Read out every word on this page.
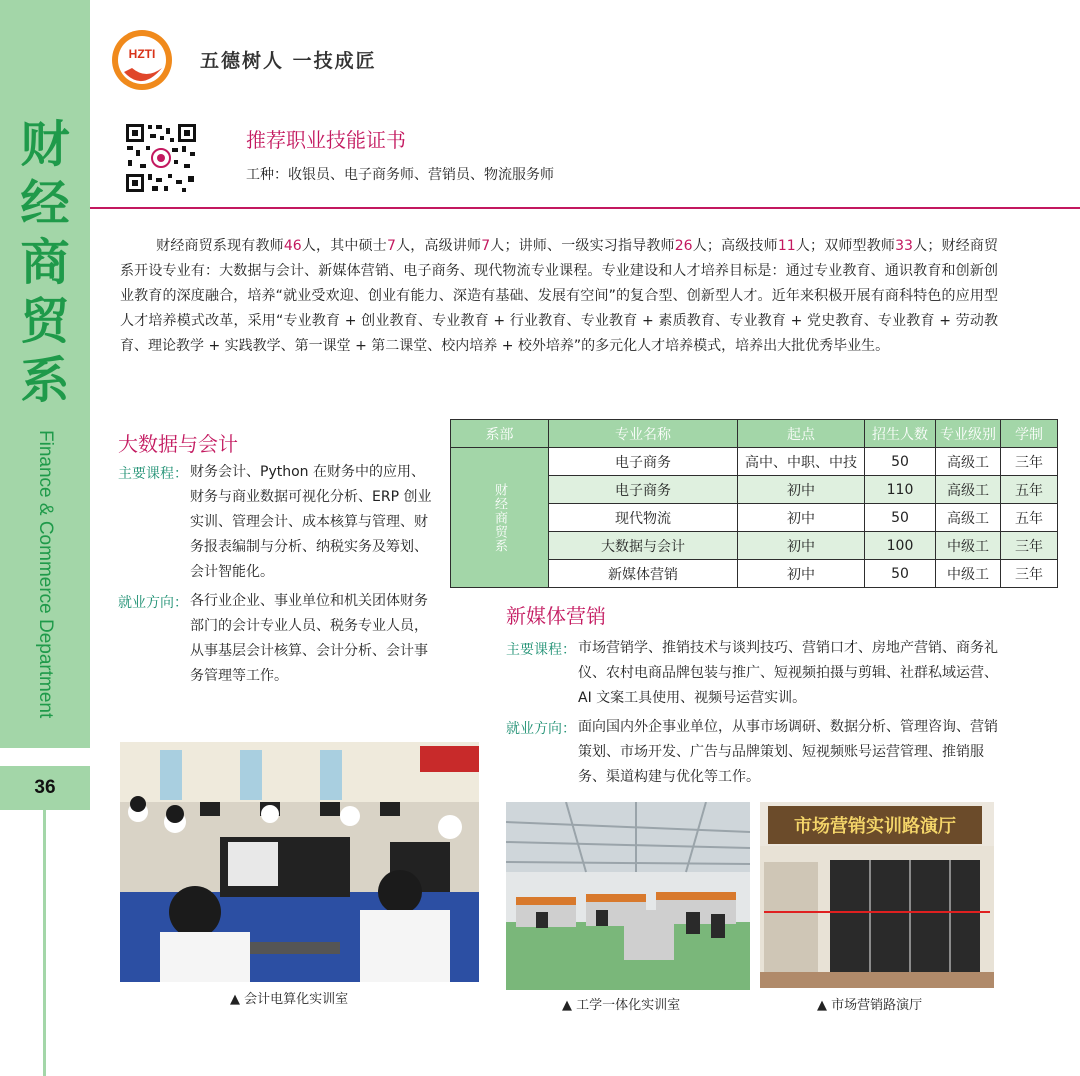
财经商贸系
Finance & Commerce Department
36
HZTI 五德树人 一技成匠
推荐职业技能证书
工种：收银员、电子商务师、营销员、物流服务师
财经商贸系现有教师46人，其中硕士7人，高级讲师7人；讲师、一级实习指导教师26人；高级技师11人；双师型教师33人；财经商贸系开设专业有：大数据与会计、新媒体营销、电子商务、现代物流专业课程。专业建设和人才培养目标是：通过专业教育、通识教育和创新创业教育的深度融合，培养“就业受欢迎、创业有能力、深造有基础、发展有空间”的复合型、创新型人才。近年来积极开展有商科特色的应用型人才培养模式改革，采用“专业教育 + 创业教育、专业教育 + 行业教育、专业教育 + 素质教育、专业教育 + 党史教育、专业教育 + 劳动教育、理论教学 + 实践教学、第一课堂 + 第二课堂、校内培养 + 校外培养”的多元化人才培养模式，培养出大批优秀毕业生。
大数据与会计
主要课程： 财务会计、Python 在财务中的应用、财务与商业数据可视化分析、ERP 创业实训、管理会计、成本核算与管理、财务报表编制与分析、纳税实务及筹划、会计智能化。
就业方向： 各行业企业、事业单位和机关团体财务部门的会计专业人员、税务专业人员，从事基层会计核算、会计分析、会计事务管理等工作。
系部	专业名称	起点	招生人数	专业级别	学制
财经商贸系	电子商务	高中、中职、中技	50	高级工	三年
	电子商务	初中	110	高级工	五年
	现代物流	初中	50	高级工	五年
	大数据与会计	初中	100	中级工	三年
	新媒体营销	初中	50	中级工	三年
新媒体营销
主要课程： 市场营销学、推销技术与谈判技巧、营销口才、房地产营销、商务礼仪、农村电商品牌包装与推广、短视频拍摄与剪辑、社群私域运营、AI 文案工具使用、视频号运营实训。
就业方向： 面向国内外企事业单位，从事市场调研、数据分析、管理咨询、营销策划、市场开发、广告与品牌策划、短视频账号运营管理、推销服务、渠道构建与优化等工作。
▲ 会计电算化实训室	▲ 工学一体化实训室
市场营销实训路演厅
▲ 市场营销路演厅
